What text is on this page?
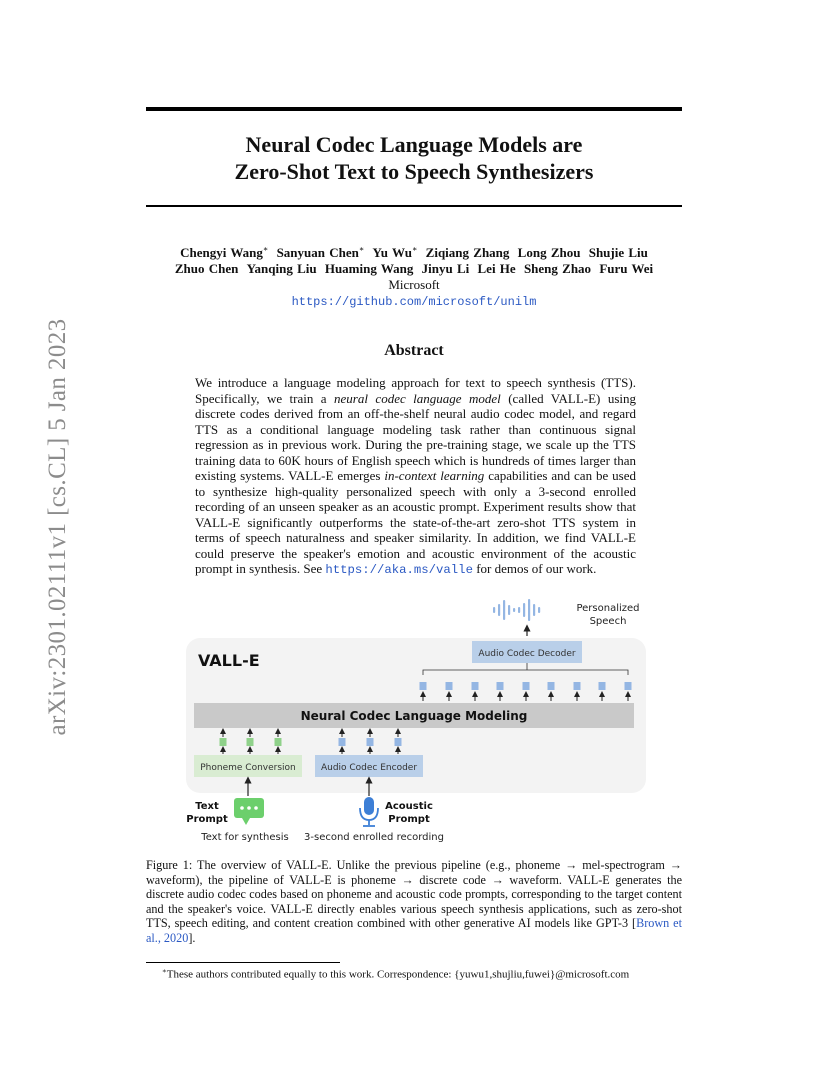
arXiv:2301.02111v1 [cs.CL] 5 Jan 2023
Neural Codec Language Models are
Zero-Shot Text to Speech Synthesizers
Chengyi Wang∗ Sanyuan Chen∗ Yu Wu∗ Ziqiang Zhang Long Zhou Shujie Liu
Zhuo Chen Yanqing Liu Huaming Wang Jinyu Li Lei He Sheng Zhao Furu Wei
Microsoft
https://github.com/microsoft/unilm
Abstract
We introduce a language modeling approach for text to speech synthesis (TTS). Specifically, we train a neural codec language model (called VALL-E) using discrete codes derived from an off-the-shelf neural audio codec model, and regard TTS as a conditional language modeling task rather than continuous signal regression as in previous work. During the pre-training stage, we scale up the TTS training data to 60K hours of English speech which is hundreds of times larger than existing systems. VALL-E emerges in-context learning capabilities and can be used to synthesize high-quality personalized speech with only a 3-second enrolled recording of an unseen speaker as an acoustic prompt. Experiment results show that VALL-E significantly outperforms the state-of-the-art zero-shot TTS system in terms of speech naturalness and speaker similarity. In addition, we find VALL-E could preserve the speaker's emotion and acoustic environment of the acoustic prompt in synthesis. See https://aka.ms/valle for demos of our work.
VALL-E
Personalized
Speech
Audio Codec Decoder
Neural Codec Language Modeling
Phoneme Conversion	Audio Codec Encoder
Text
Prompt
Acoustic
Prompt
Text for synthesis 3-second enrolled recording
Figure 1: The overview of VALL-E. Unlike the previous pipeline (e.g., phoneme → mel-spectrogram → waveform), the pipeline of VALL-E is phoneme → discrete code → waveform. VALL-E generates the discrete audio codec codes based on phoneme and acoustic code prompts, corresponding to the target content and the speaker's voice. VALL-E directly enables various speech synthesis applications, such as zero-shot TTS, speech editing, and content creation combined with other generative AI models like GPT-3 [Brown et al., 2020].
∗These authors contributed equally to this work. Correspondence: {yuwu1,shujliu,fuwei}@microsoft.com
